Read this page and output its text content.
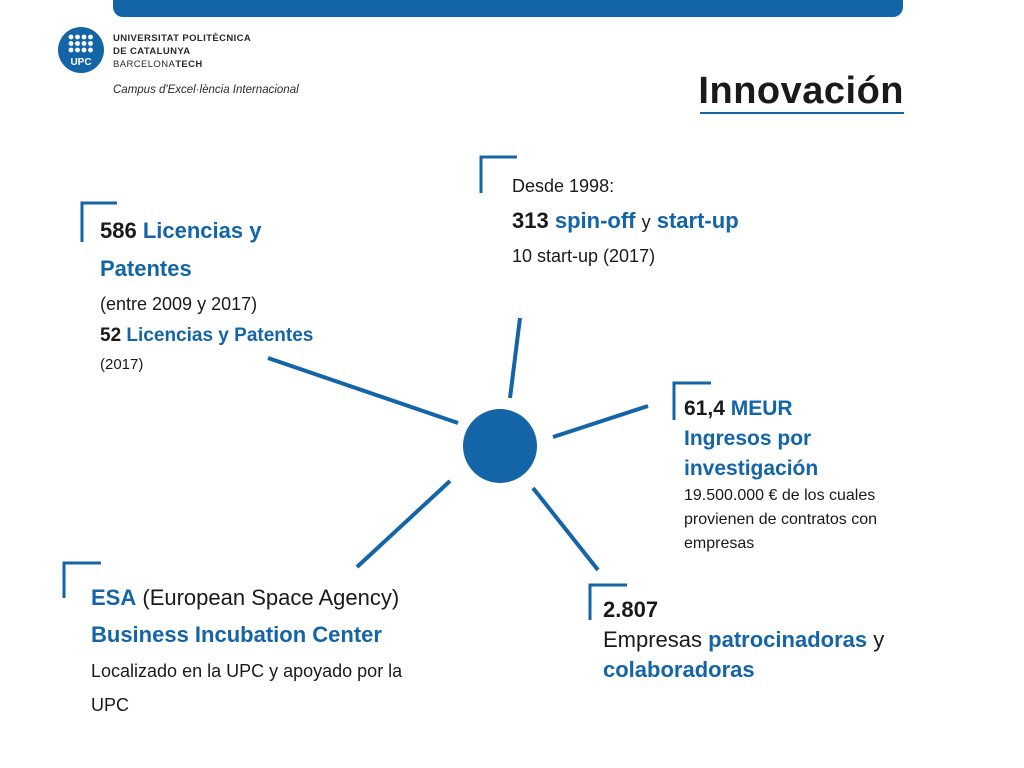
UPC
UNIVERSITAT POLITÈCNICA
DE CATALUNYA
BARCELONATECH
Campus d'Excel·lència Internacional	Innovación
586 Licencias y
Patentes
(entre 2009 y 2017)
52 Licencias y Patentes
(2017)
Desde 1998:
313 spin-off y start-up
10 start-up (2017)
61,4 MEUR
Ingresos por
investigación
19.500.000 € de los cuales
provienen de contratos con
empresas
ESA (European Space Agency)
Business Incubation Center
Localizado en la UPC y apoyado por la
UPC
2.807
Empresas patrocinadoras y
colaboradoras
